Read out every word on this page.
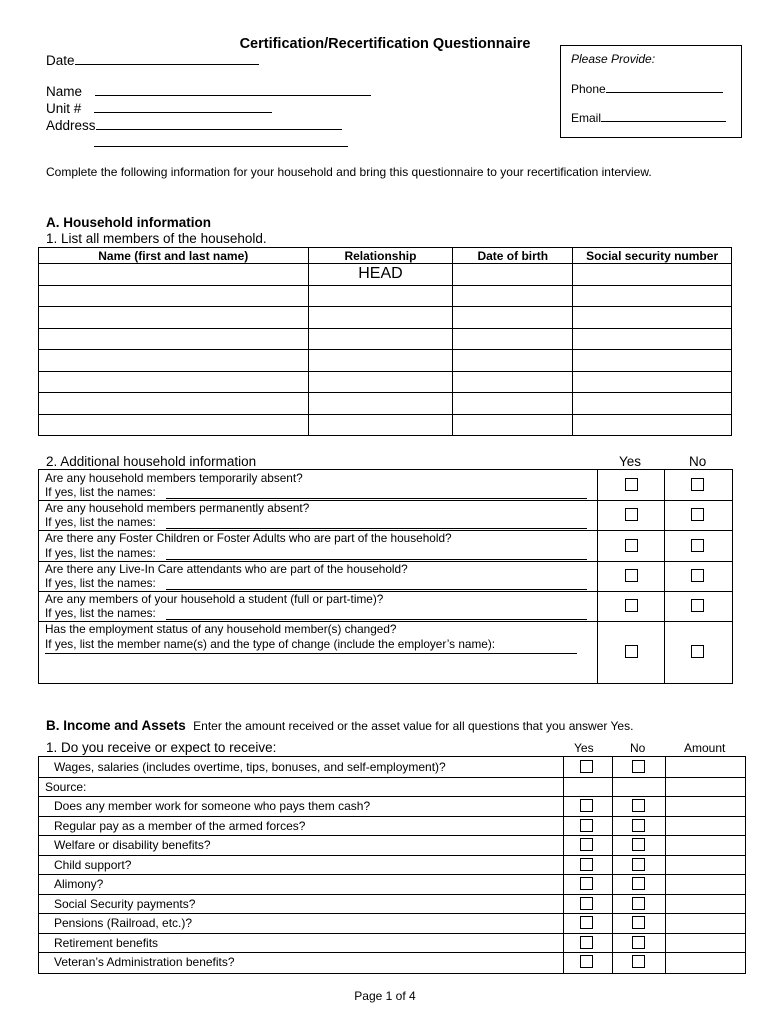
Certification/Recertification Questionnaire
Date
Name
Unit #
Address
Please Provide:
Phone
Email
Complete the following information for your household and bring this questionnaire to your recertification interview.
A. Household information
1. List all members of the household.
Name (first and last name)	Relationship	Date of birth	Social security number
	HEAD		

2. Additional household information	Yes	No
Are any household members temporarily absent?
If yes, list the names:
Are any household members permanently absent?
If yes, list the names:
Are there any Foster Children or Foster Adults who are part of the household?
If yes, list the names:
Are there any Live-In Care attendants who are part of the household?
If yes, list the names:
Are any members of your household a student (full or part-time)?
If yes, list the names:
Has the employment status of any household member(s) changed?
If yes, list the member name(s) and the type of change (include the employer’s name):
B. Income and Assets Enter the amount received or the asset value for all questions that you answer Yes.
1. Do you receive or expect to receive:	Yes	No	Amount
Wages, salaries (includes overtime, tips, bonuses, and self-employment)?
Source:
Does any member work for someone who pays them cash?
Regular pay as a member of the armed forces?
Welfare or disability benefits?
Child support?
Alimony?
Social Security payments?
Pensions (Railroad, etc.)?
Retirement benefits
Veteran’s Administration benefits?
Page 1 of 4
